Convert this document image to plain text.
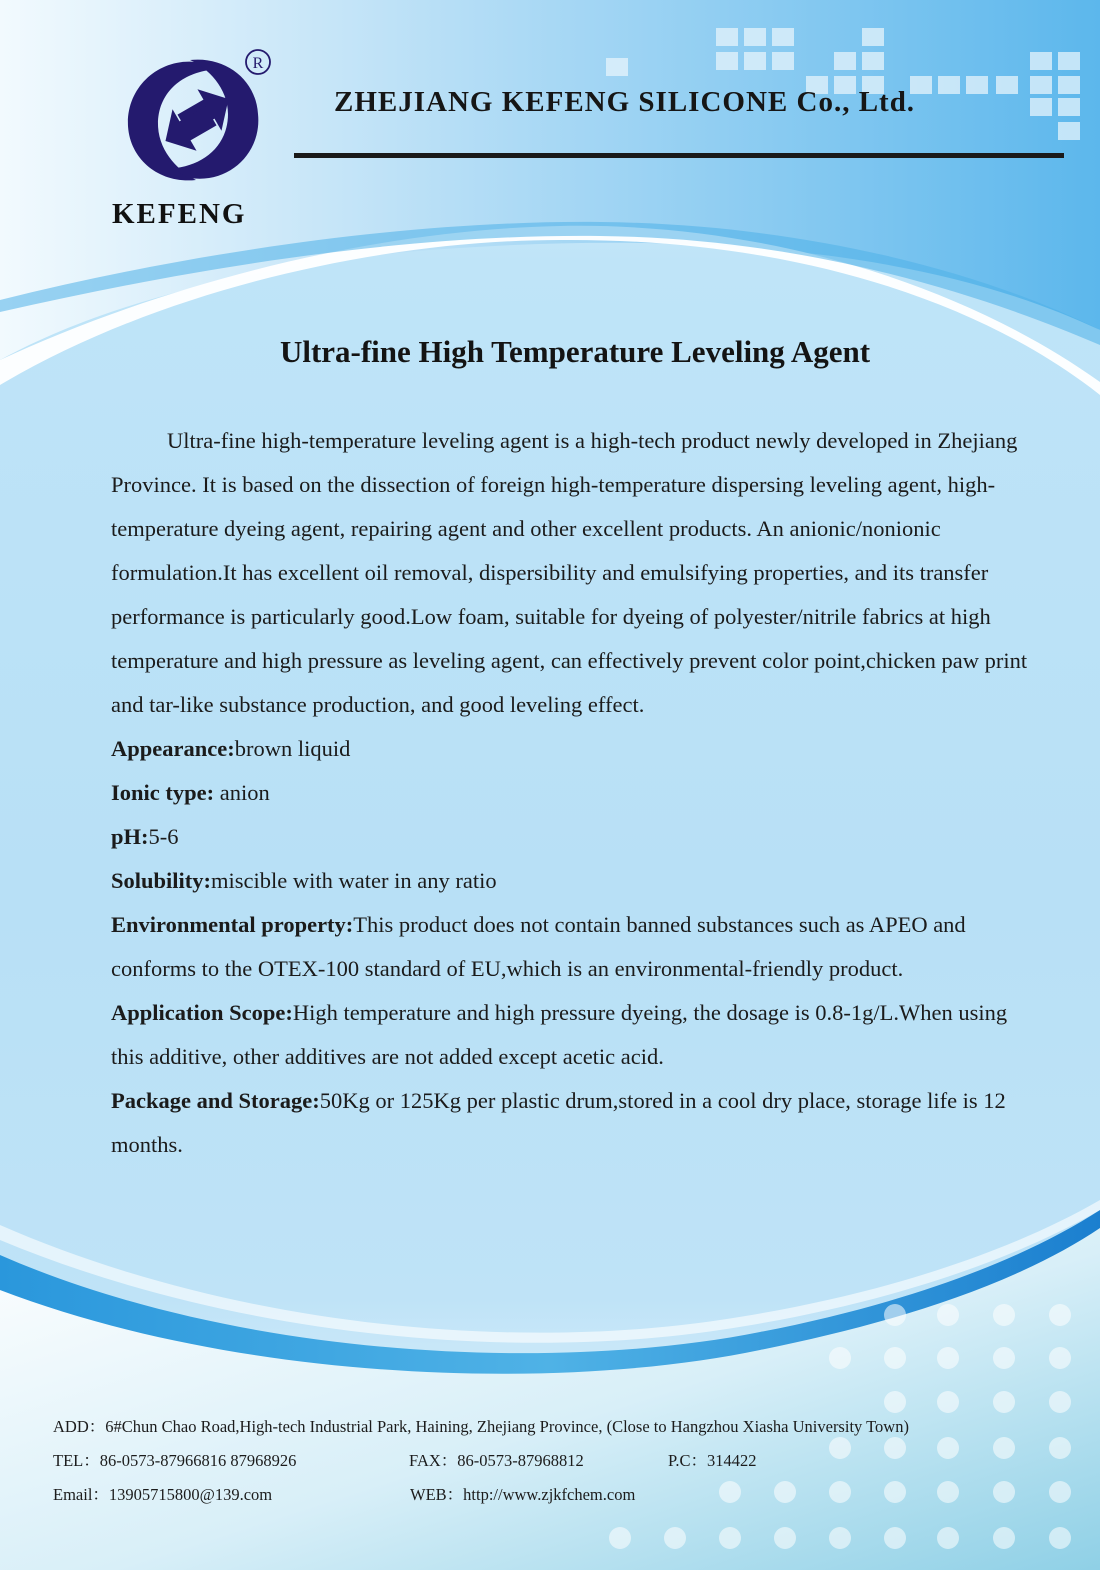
R
KEFENG
ZHEJIANG KEFENG SILICONE Co., Ltd.
Ultra-fine High Temperature Leveling Agent

Ultra-fine high-temperature leveling agent is a high-tech product newly developed in Zhejiang Province. It is based on the dissection of foreign high-temperature dispersing leveling agent, high-temperature dyeing agent, repairing agent and other excellent products. An anionic/nonionic formulation.It has excellent oil removal, dispersibility and emulsifying properties, and its transfer performance is particularly good.Low foam, suitable for dyeing of polyester/nitrile fabrics at high temperature and high pressure as leveling agent, can effectively prevent color point,chicken paw print and tar-like substance production, and good leveling effect.

Appearance:brown liquid

Ionic type: anion

pH:5-6

Solubility:miscible with water in any ratio

Environmental property:This product does not contain banned substances such as APEO and conforms to the OTEX-100 standard of EU,which is an environmental-friendly product.

Application Scope:High temperature and high pressure dyeing, the dosage is 0.8-1g/L.When using this additive, other additives are not added except acetic acid.

Package and Storage:50Kg or 125Kg per plastic drum,stored in a cool dry place, storage life is 12 months.

ADD：6#Chun Chao Road,High-tech Industrial Park, Haining, Zhejiang Province, (Close to Hangzhou Xiasha University Town)
TEL：86-0573-87966816 87968926	FAX：86-0573-87968812	P.C：314422
Email：13905715800@139.com	WEB：http://www.zjkfchem.com
